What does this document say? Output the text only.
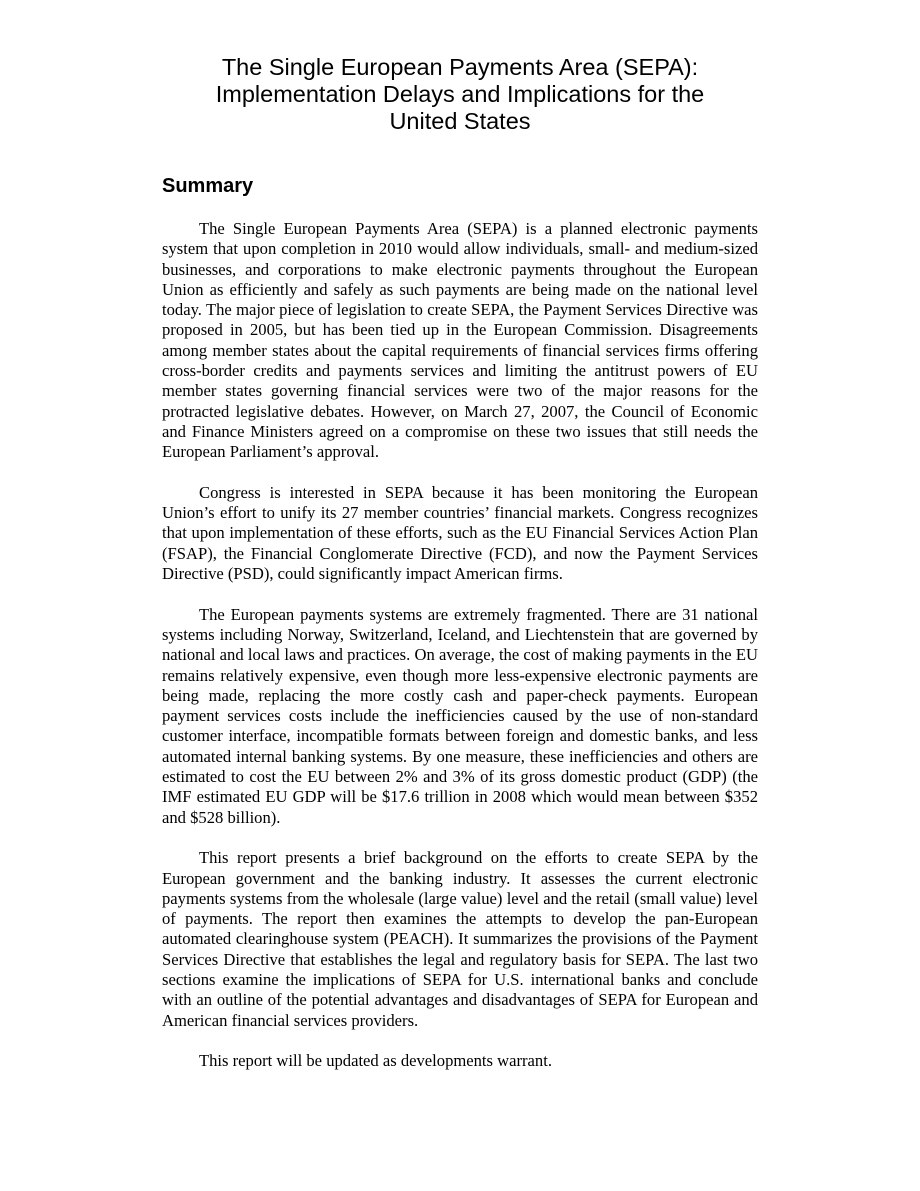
The Single European Payments Area (SEPA):
Implementation Delays and Implications for the
United States
Summary

The Single European Payments Area (SEPA) is a planned electronic payments system that upon completion in 2010 would allow individuals, small- and medium-sized businesses, and corporations to make electronic payments throughout the European Union as efficiently and safely as such payments are being made on the national level today. The major piece of legislation to create SEPA, the Payment Services Directive was proposed in 2005, but has been tied up in the European Commission. Disagreements among member states about the capital requirements of financial services firms offering cross-border credits and payments services and limiting the antitrust powers of EU member states governing financial services were two of the major reasons for the protracted legislative debates. However, on March 27, 2007, the Council of Economic and Finance Ministers agreed on a compromise on these two issues that still needs the European Parliament’s approval.

Congress is interested in SEPA because it has been monitoring the European Union’s effort to unify its 27 member countries’ financial markets. Congress recognizes that upon implementation of these efforts, such as the EU Financial Services Action Plan (FSAP), the Financial Conglomerate Directive (FCD), and now the Payment Services Directive (PSD), could significantly impact American firms.

The European payments systems are extremely fragmented. There are 31 national systems including Norway, Switzerland, Iceland, and Liechtenstein that are governed by national and local laws and practices. On average, the cost of making payments in the EU remains relatively expensive, even though more less-expensive electronic payments are being made, replacing the more costly cash and paper-check payments. European payment services costs include the inefficiencies caused by the use of non-standard customer interface, incompatible formats between foreign and domestic banks, and less automated internal banking systems. By one measure, these inefficiencies and others are estimated to cost the EU between 2% and 3% of its gross domestic product (GDP) (the IMF estimated EU GDP will be $17.6 trillion in 2008 which would mean between $352 and $528 billion).

This report presents a brief background on the efforts to create SEPA by the European government and the banking industry. It assesses the current electronic payments systems from the wholesale (large value) level and the retail (small value) level of payments. The report then examines the attempts to develop the pan-European automated clearinghouse system (PEACH). It summarizes the provisions of the Payment Services Directive that establishes the legal and regulatory basis for SEPA. The last two sections examine the implications of SEPA for U.S. international banks and conclude with an outline of the potential advantages and disadvantages of SEPA for European and American financial services providers.

This report will be updated as developments warrant.
